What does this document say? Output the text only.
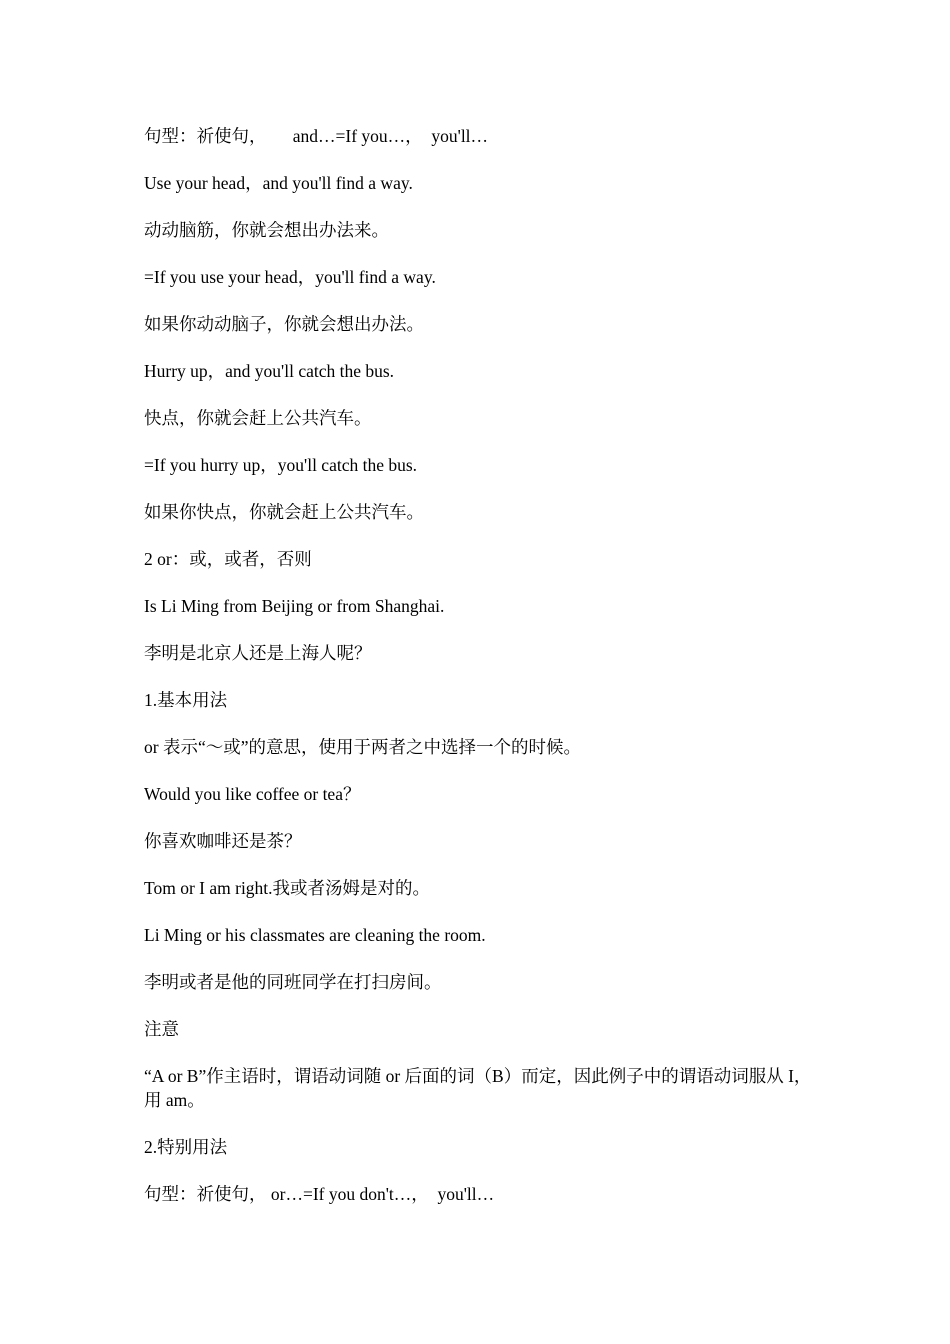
句型：祈使句，      and…=If you…，  you'll…

Use your head，and you'll find a way.

动动脑筋，你就会想出办法来。

=If you use your head，you'll find a way.

如果你动动脑子，你就会想出办法。

Hurry up，and you'll catch the bus.

快点，你就会赶上公共汽车。

=If you hurry up，you'll catch the bus.

如果你快点，你就会赶上公共汽车。

2 or：或，或者，否则

Is Li Ming from Beijing or from Shanghai.

李明是北京人还是上海人呢？

1.基本用法

or 表示“～或”的意思，使用于两者之中选择一个的时候。

Would you like coffee or tea？

你喜欢咖啡还是茶？

Tom or I am right.我或者汤姆是对的。

Li Ming or his classmates are cleaning the room.

李明或者是他的同班同学在打扫房间。

注意

“A or B”作主语时，谓语动词随 or 后面的词（B）而定，因此例子中的谓语动词服从 I，用 am。

2.特别用法

句型：祈使句， or…=If you don't…，  you'll…
